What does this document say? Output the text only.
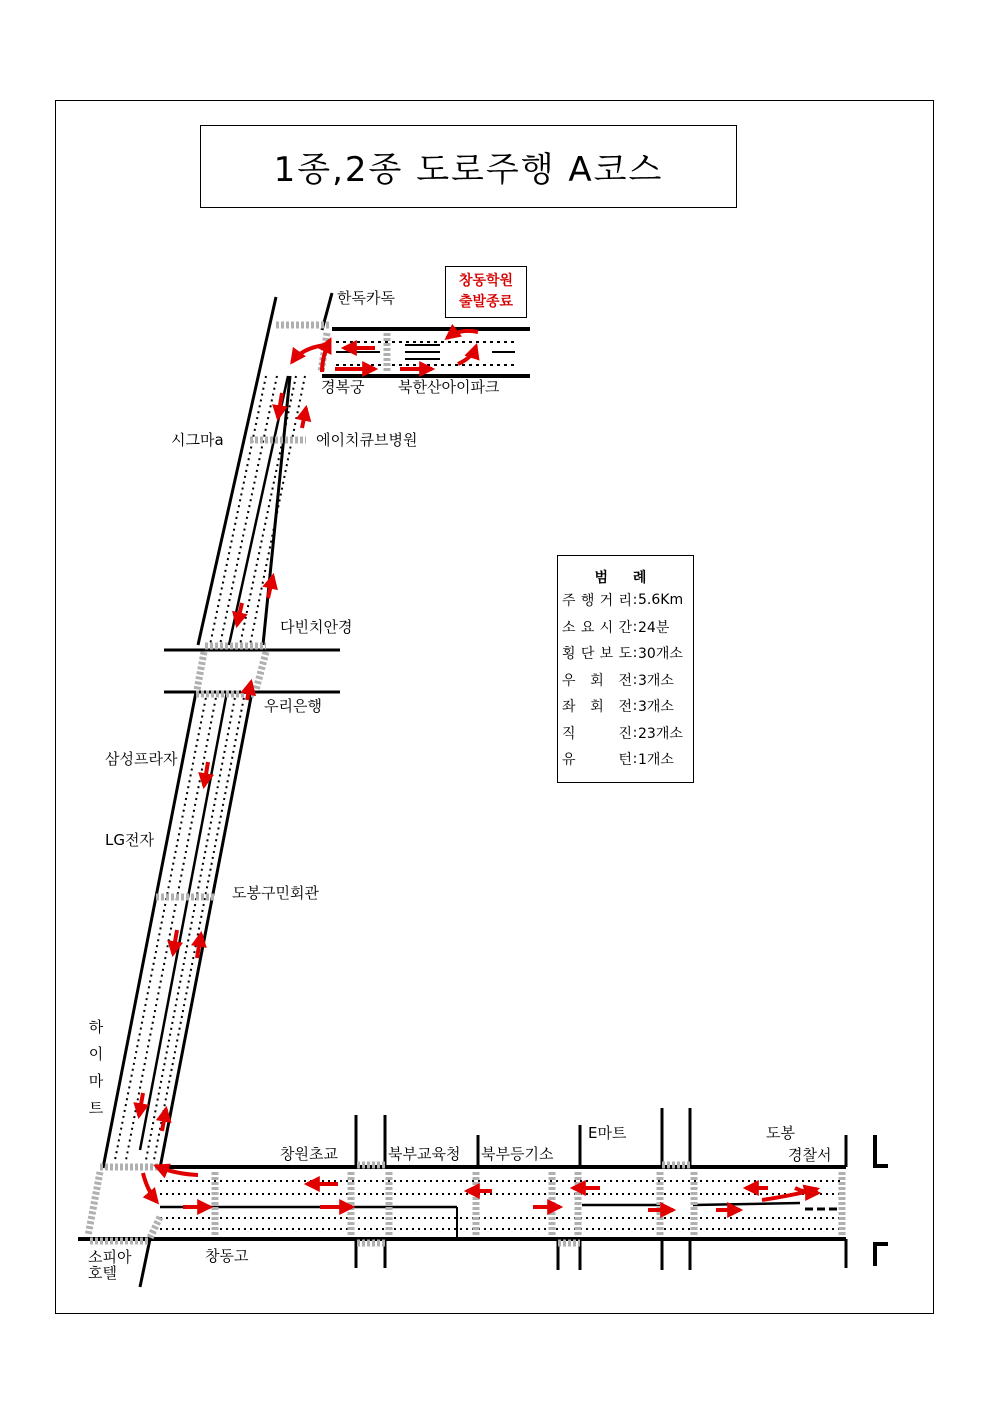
1종,2종 도로주행 A코스
창동학원
출발종료
한독카독
경복궁 북한산아이파크
시그마a	에이치큐브병원
다빈치안경
우리은행
삼성프라자
LG전자
도봉구민회관
하이마트
창원초교	북부교육청 북부등기소
E마트	도봉
경찰서
소피아
호텔
창동고
범 례
주 행 거 리 : 5.6Km
소 요 시 간 : 24분
횡 단 보 도 : 30개소
우 회 전 : 3개소
좌 회 전 : 3개소
직	진 : 23개소
유	턴 : 1개소
